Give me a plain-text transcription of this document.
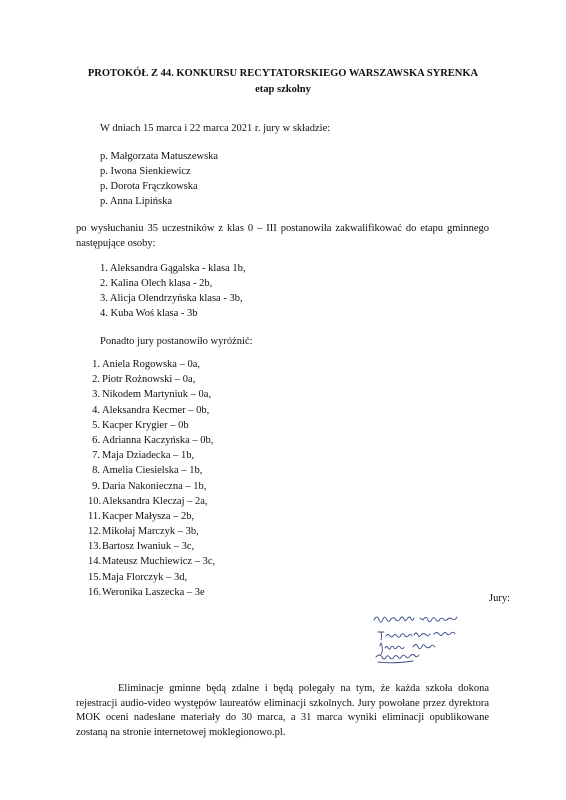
PROTOKÓŁ Z 44. KONKURSU RECYTATORSKIEGO WARSZAWSKA SYRENKA
etap szkolny
W dniach 15 marca i 22 marca 2021 r. jury w składzie:
p. Małgorzata Matuszewska
p. Iwona Sienkiewicz
p. Dorota Frączkowska
p. Anna Lipińska
po wysłuchaniu 35 uczestników z klas 0 – III postanowiła zakwalifikować do etapu gminnego następujące osoby:
1. Aleksandra Gągalska - klasa 1b,
2. Kalina Olech klasa - 2b,
3. Alicja Olendrzyńska klasa - 3b,
4. Kuba Woś klasa - 3b
Ponadto jury postanowiło wyróżnić:
1. Aniela Rogowska – 0a,
2. Piotr Rożnowski – 0a,
3. Nikodem Martyniuk – 0a,
4. Aleksandra Kecmer – 0b,
5. Kacper Krygier – 0b
6. Adrianna Kaczyńska – 0b,
7. Maja Dziadecka – 1b,
8. Amelia Ciesielska – 1b,
9. Daria Nakonieczna – 1b,
10. Aleksandra Kleczaj – 2a,
11. Kacper Małysza – 2b,
12. Mikołaj Marczyk – 3b,
13. Bartosz Iwaniuk – 3c,
14. Mateusz Muchiewicz – 3c,
15. Maja Florczyk – 3d,
16. Weronika Laszecka – 3e
Jury:
Eliminacje gminne będą zdalne i będą polegały na tym, że każda szkoła dokona rejestracji audio-video występów laureatów eliminacji szkolnych. Jury powołane przez dyrektora MOK oceni nadesłane materiały do 30 marca, a 31 marca wyniki eliminacji opublikowane zostaną na stronie internetowej moklegionowo.pl.
